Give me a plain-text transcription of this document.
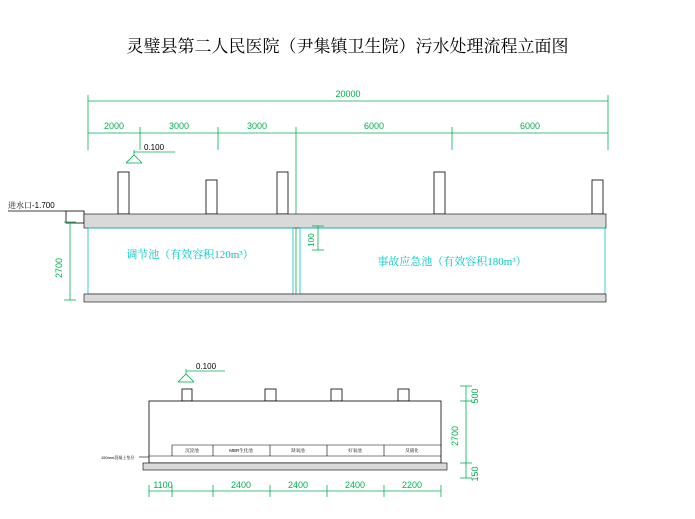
灵璧县第二人民医院（尹集镇卫生院）污水处理流程立面图
20000
2000	3000	3000	6000	6000
0.100
进水口-1.700
调节池（有效容积120m³）
事故应急池（有效容积180m³）
2700
100
0.100
沉淀池	MBR生化池	缺氧池	好氧池	反硝化
150mm混凝土垫层
500
2700
150
1100	2400	2400	2400	2200
